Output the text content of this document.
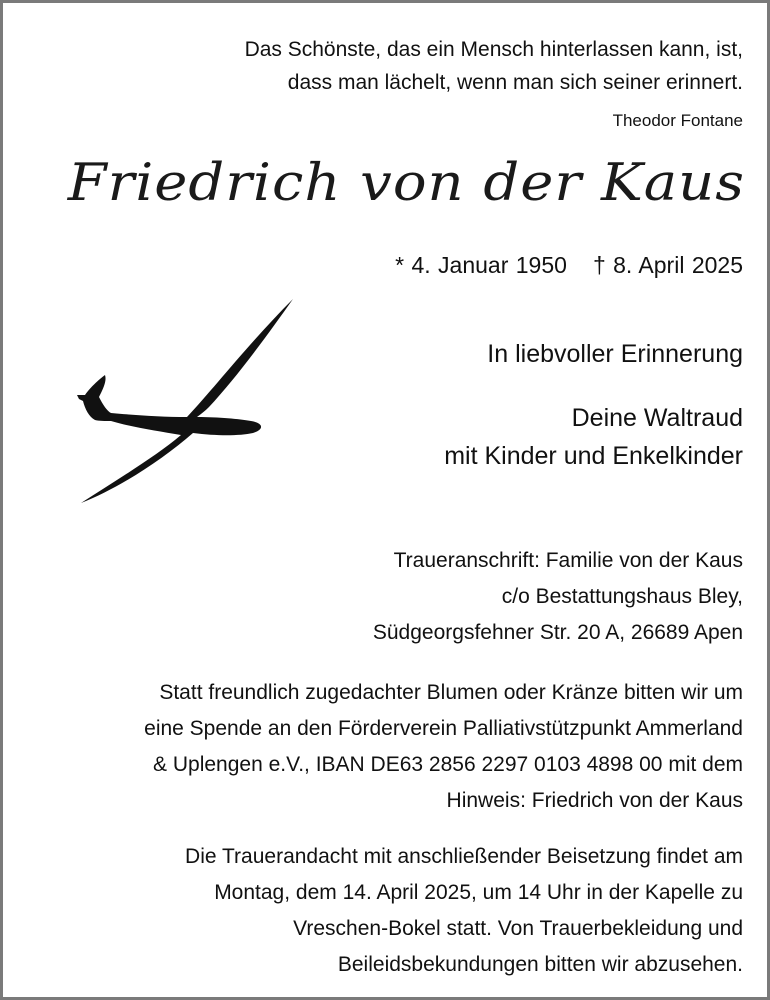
Das Schönste, das ein Mensch hinterlassen kann, ist,
dass man lächelt, wenn man sich seiner erinnert.
Theodor Fontane
Friedrich von der Kaus
* 4. Januar 1950 † 8. April 2025
In liebvoller Erinnerung
Deine Waltraud
mit Kinder und Enkelkinder
Traueranschrift: Familie von der Kaus
c/o Bestattungshaus Bley,
Südgeorgsfehner Str. 20 A, 26689 Apen
Statt freundlich zugedachter Blumen oder Kränze bitten wir um
eine Spende an den Förderverein Palliativstützpunkt Ammerland
& Uplengen e.V., IBAN DE63 2856 2297 0103 4898 00 mit dem
Hinweis: Friedrich von der Kaus
Die Trauerandacht mit anschließender Beisetzung findet am
Montag, dem 14. April 2025, um 14 Uhr in der Kapelle zu
Vreschen-Bokel statt. Von Trauerbekleidung und
Beileidsbekundungen bitten wir abzusehen.
